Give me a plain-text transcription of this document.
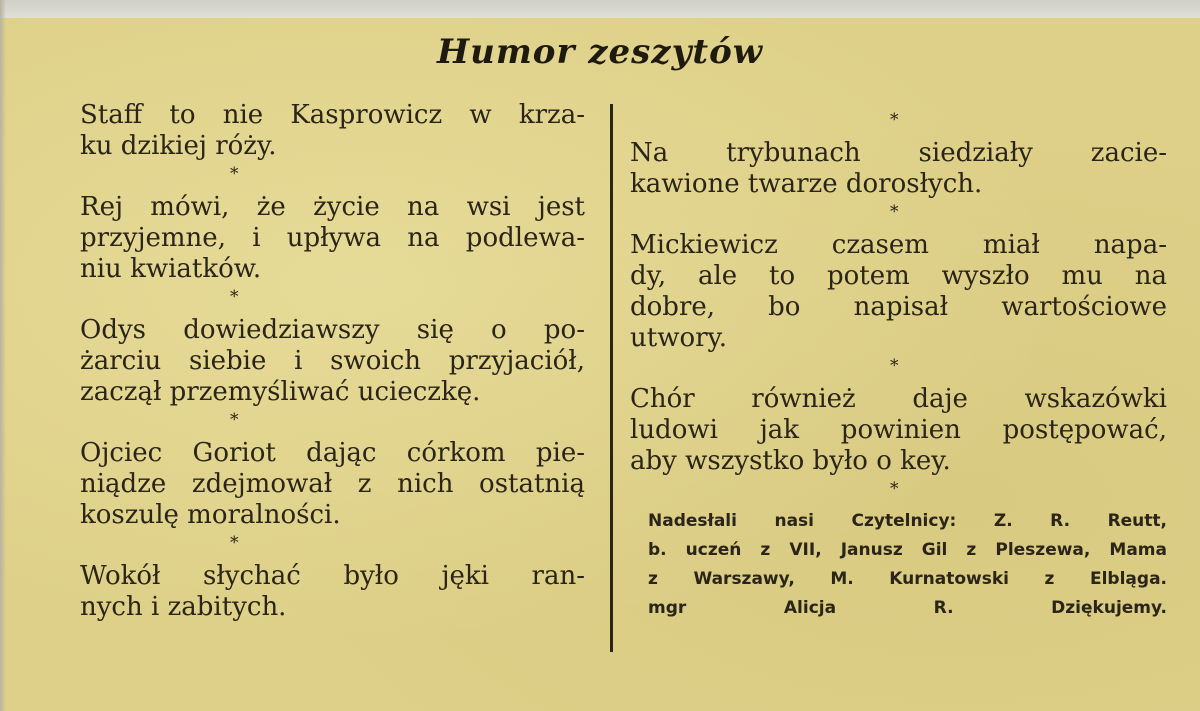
Humor zeszytów

Staff to nie Kasprowicz w krza-
ku dzikiej róży.

*

Rej mówi, że życie na wsi jest
przyjemne, i upływa na podlewa-
niu kwiatków.

*

Odys dowiedziawszy się o po-
żarciu siebie i swoich przyjaciół,
zaczął przemyśliwać ucieczkę.

*

Ojciec Goriot dając córkom pie-
niądze zdejmował z nich ostatnią
koszulę moralności.

*

Wokół słychać było jęki ran-
nych i zabitych.

*

Na trybunach siedziały zacie-
kawione twarze dorosłych.

*

Mickiewicz czasem miał napa-
dy, ale to potem wyszło mu na
dobre, bo napisał wartościowe
utwory.

*

Chór również daje wskazówki
ludowi jak powinien postępować,
aby wszystko było o key.

*
Nadesłali nasi Czytelnicy: Z. R. Reutt,
b. uczeń z VII, Janusz Gil z Pleszewa, Mama
z Warszawy, M. Kurnatowski z Elbląga.
mgr Alicja R. Dziękujemy.
